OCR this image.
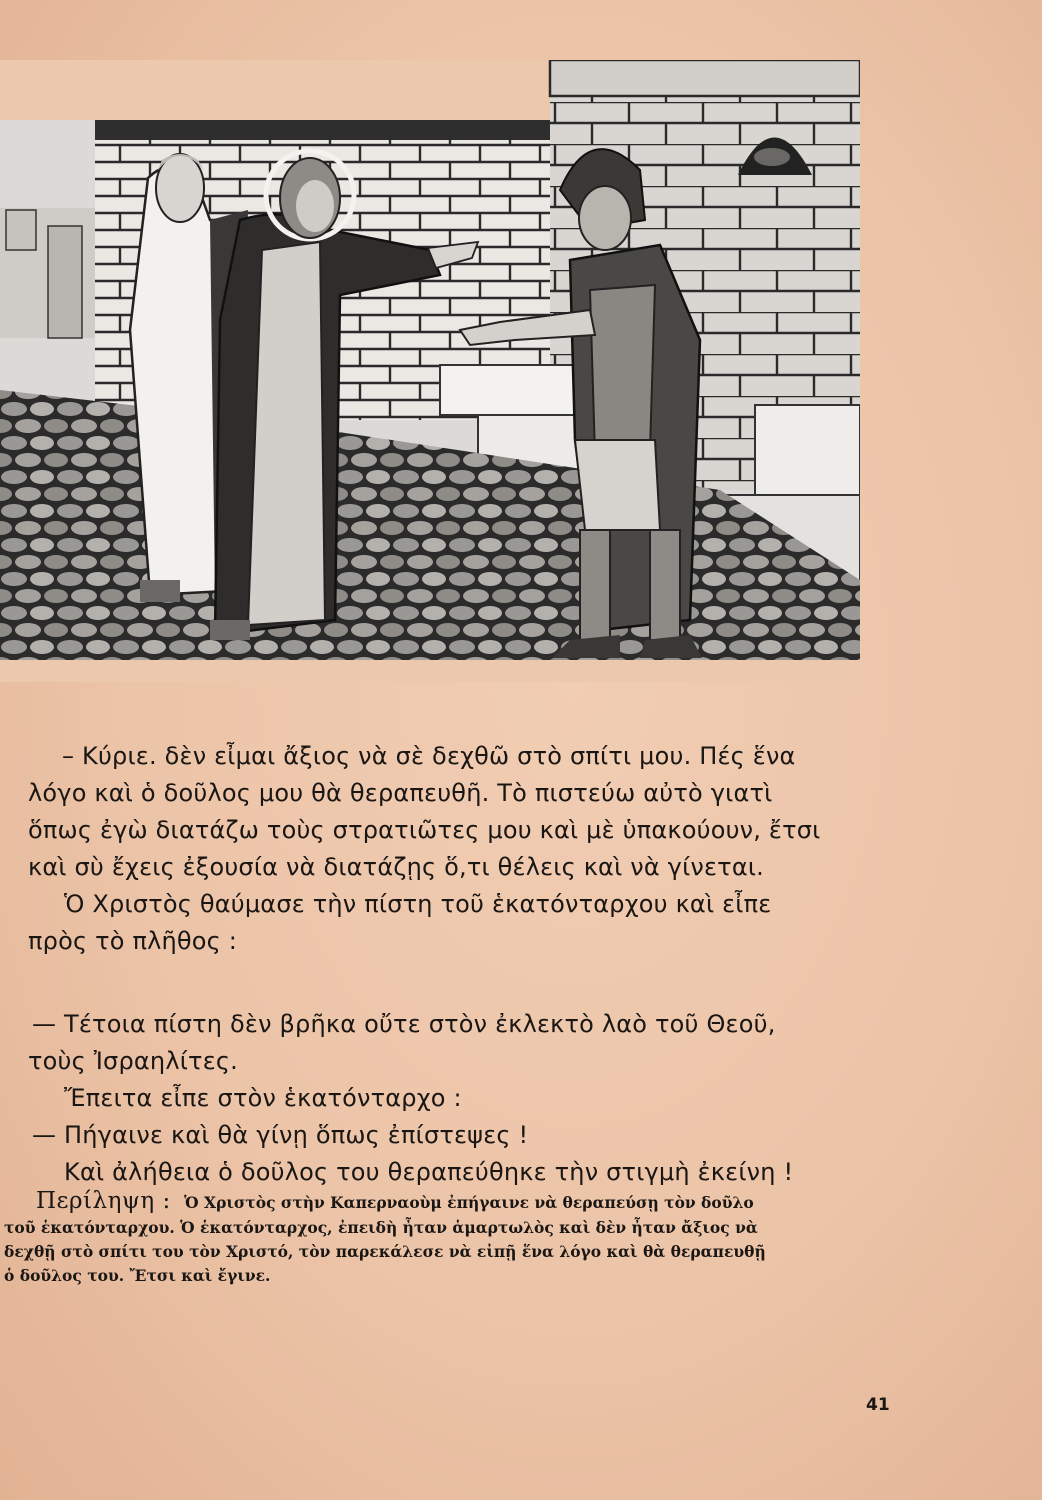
– Κύριε. δὲν εἶμαι ἄξιος νὰ σὲ δεχθῶ στὸ σπίτι μου. Πές ἕνα
λόγο καὶ ὁ δοῦλος μου θὰ θεραπευθῆ. Τὸ πιστεύω αὐτὸ γιατὶ
ὅπως ἐγὼ διατάζω τοὺς στρατιῶτες μου καὶ μὲ ὑπακούουν, ἔτσι
καὶ σὺ ἔχεις ἐξουσία νὰ διατάζῃς ὅ,τι θέλεις καὶ νὰ γίνεται.
Ὁ Χριστὸς θαύμασε τὴν πίστη τοῦ ἑκατόνταρχου καὶ εἶπε
πρὸς τὸ πλῆθος :
— Τέτοια πίστη δὲν βρῆκα οὔτε στὸν ἐκλεκτὸ λαὸ τοῦ Θεοῦ,
τοὺς Ἰσραηλίτες.
Ἔπειτα εἶπε στὸν ἑκατόνταρχο :
— Πήγαινε καὶ θὰ γίνῃ ὅπως ἐπίστεψες !
Καὶ ἀλήθεια ὁ δοῦλος του θεραπεύθηκε τὴν στιγμὴ ἐκείνη !
Περίληψη : Ὁ Χριστὸς στὴν Καπερναοὺμ ἐπήγαινε νὰ θεραπεύσῃ τὸν δοῦλο
τοῦ ἑκατόνταρχου. Ὁ ἑκατόνταρχος, ἐπειδὴ ἦταν ἁμαρτωλὸς καὶ δὲν ἦταν ἄξιος νὰ
δεχθῇ στὸ σπίτι του τὸν Χριστό, τὸν παρεκάλεσε νὰ εἰπῇ ἕνα λόγο καὶ θὰ θεραπευθῇ
ὁ δοῦλος του. Ἔτσι καὶ ἔγινε.
41
